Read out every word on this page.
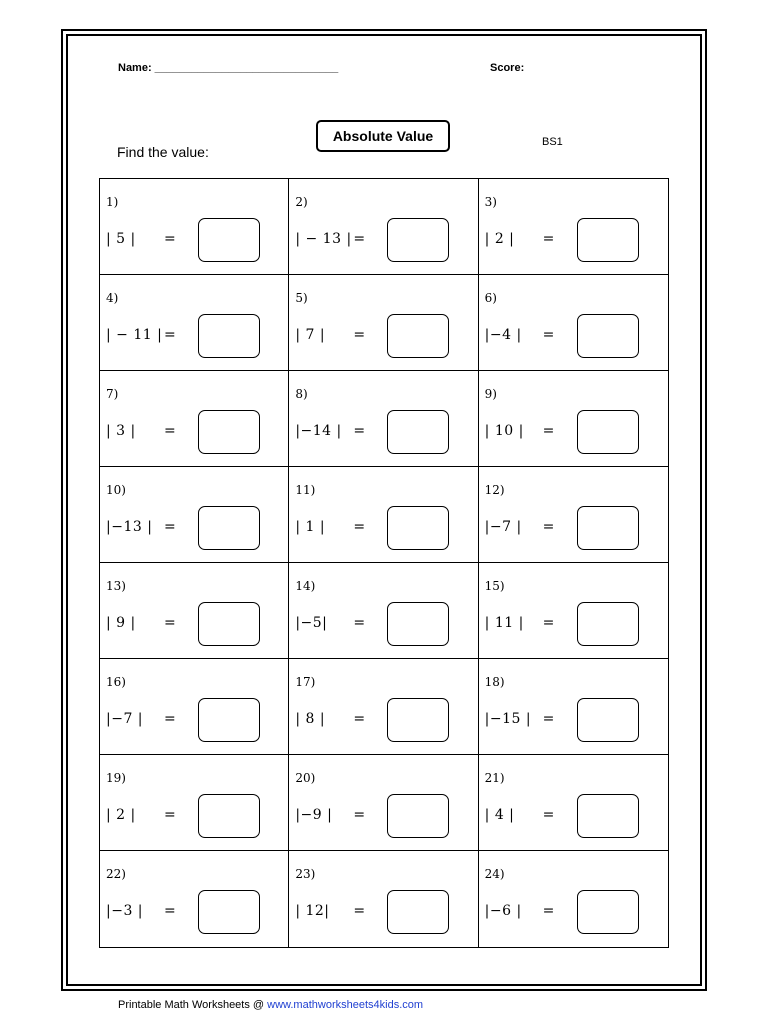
Name: ______________________________	Score:
Absolute Value	BS1
Find the value:
1)
| 5 | =
2)
| − 13 | =
3)
| 2 | =
4)
| − 11 | =
5)
| 7 | =
6)
|−4 | =
7)
| 3 | =
8)
|−14 | =
9)
| 10 | =
10)
|−13 | =
11)
| 1 | =
12)
|−7 | =
13)
| 9 | =
14)
|−5| =
15)
| 11 | =
16)
|−7 | =
17)
| 8 | =
18)
|−15 | =
19)
| 2 | =
20)
|−9 | =
21)
| 4 | =
22)
|−3 | =
23)
| 12| =
24)
|−6 | =
Printable Math Worksheets @ www.mathworksheets4kids.com
